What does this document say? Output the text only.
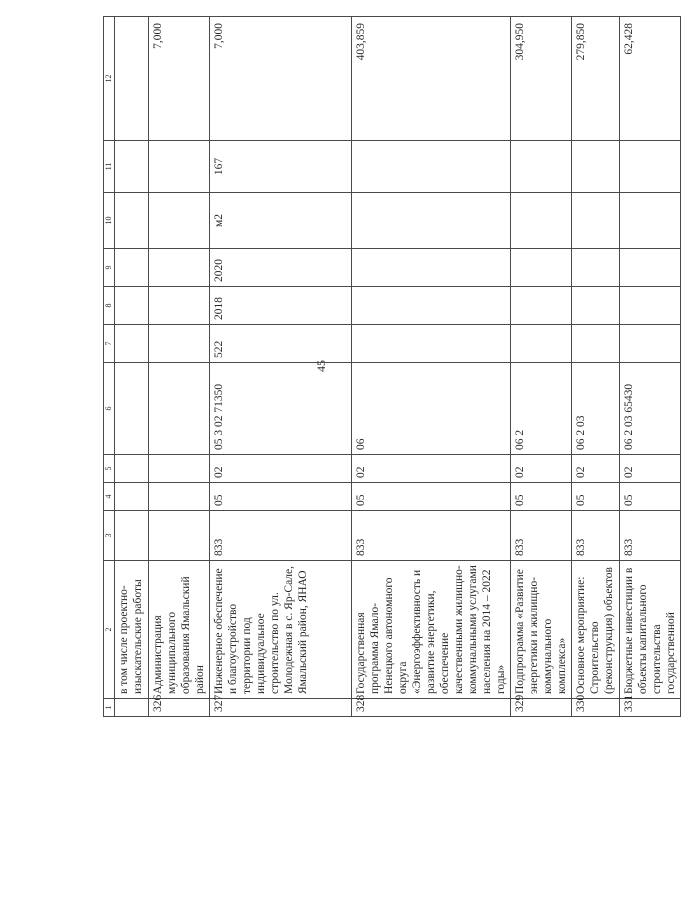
45
1	2	3	4	5	6	7	8	9	10	11	12
	в том числе проектно-изыскательские работы										
326	Администрация муниципального образования Ямальский район										7,000
327	Инженерное обеспечение и благоустройство территории под индивидуальное строительство по ул. Молодежная в с. Яр-Сале, Ямальский район, ЯНАО	833	05	02	05 3 02 71350	522	2018	2020	м2	167	7,000
328	Государственная программа Ямало-Ненецкого автономного округа «Энергоэффективность и развитие энергетики, обеспечение качественными жилищно-коммунальными услугами населения на 2014 – 2022 годы»	833	05	02	06						403,859
329	Подпрограмма «Развитие энергетики и жилищно-коммунального комплекса»	833	05	02	06 2						304,950
330	Основное мероприятие: Строительство (реконструкция) объектов	833	05	02	06 2 03						279,850
331	Бюджетные инвестиции в объекты капитального строительства государственной	833	05	02	06 2 03 65430						62,428
